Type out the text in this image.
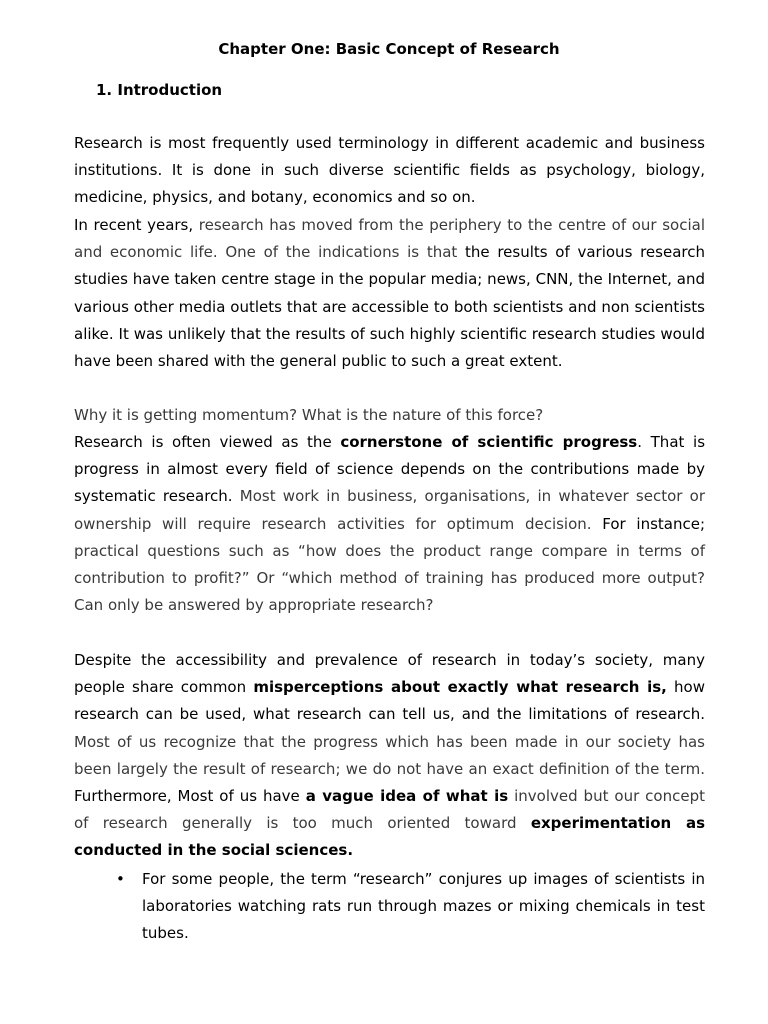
Chapter One: Basic Concept of Research
1. Introduction
Research is most frequently used terminology in different academic and business institutions. It is done in such diverse scientific fields as psychology, biology, medicine, physics, and botany, economics and so on.
In recent years, research has moved from the periphery to the centre of our social and economic life. One of the indications is that the results of various research studies have taken centre stage in the popular media; news, CNN, the Internet, and various other media outlets that are accessible to both scientists and non scientists alike. It was unlikely that the results of such highly scientific research studies would have been shared with the general public to such a great extent.
Why it is getting momentum? What is the nature of this force?
Research is often viewed as the cornerstone of scientific progress. That is progress in almost every field of science depends on the contributions made by systematic research. Most work in business, organisations, in whatever sector or ownership will require research activities for optimum decision. For instance; practical questions such as “how does the product range compare in terms of contribution to profit?” Or “which method of training has produced more output? Can only be answered by appropriate research?
Despite the accessibility and prevalence of research in today’s society, many people share common misperceptions about exactly what research is, how research can be used, what research can tell us, and the limitations of research. Most of us recognize that the progress which has been made in our society has been largely the result of research; we do not have an exact definition of the term. Furthermore, Most of us have a vague idea of what is involved but our concept of research generally is too much oriented toward experimentation as conducted in the social sciences.
• For some people, the term “research” conjures up images of scientists in laboratories watching rats run through mazes or mixing chemicals in test tubes.
